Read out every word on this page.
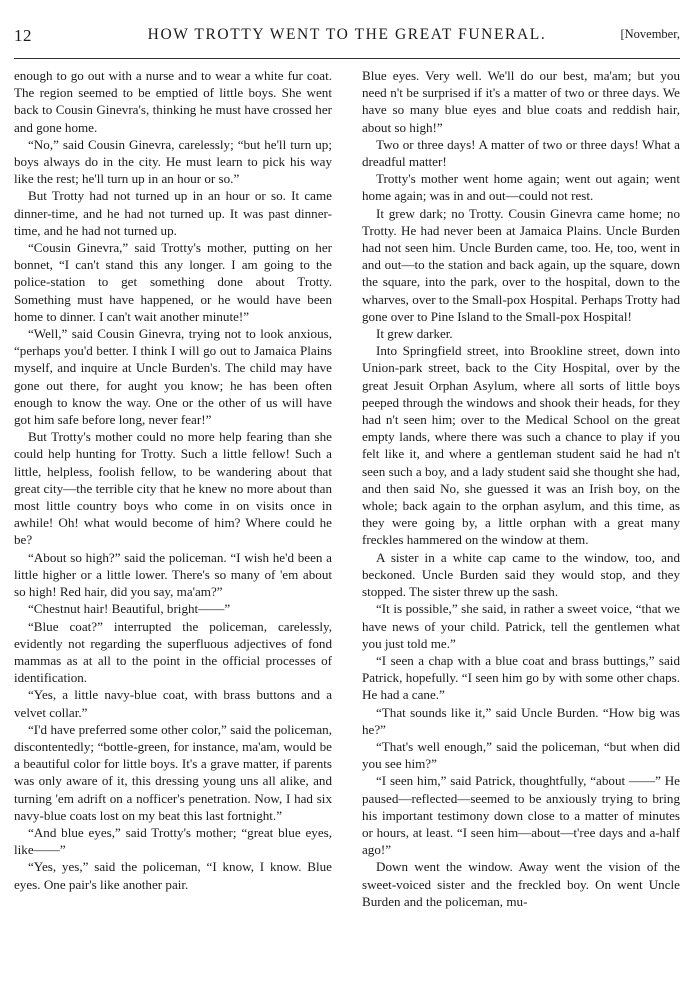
12	HOW TROTTY WENT TO THE GREAT FUNERAL.	[November,

enough to go out with a nurse and to wear a white fur coat. The region seemed to be emptied of little boys. She went back to Cousin Ginevra's, thinking he must have crossed her and gone home.

“No,” said Cousin Ginevra, carelessly; “but he'll turn up; boys always do in the city. He must learn to pick his way like the rest; he'll turn up in an hour or so.”

But Trotty had not turned up in an hour or so. It came dinner-time, and he had not turned up. It was past dinner-time, and he had not turned up.

“Cousin Ginevra,” said Trotty's mother, putting on her bonnet, “I can't stand this any longer. I am going to the police-station to get something done about Trotty. Something must have happened, or he would have been home to dinner. I can't wait another minute!”

“Well,” said Cousin Ginevra, trying not to look anxious, “perhaps you'd better. I think I will go out to Jamaica Plains myself, and inquire at Uncle Burden's. The child may have gone out there, for aught you know; he has been often enough to know the way. One or the other of us will have got him safe before long, never fear!”

But Trotty's mother could no more help fearing than she could help hunting for Trotty. Such a little fellow! Such a little, helpless, foolish fellow, to be wandering about that great city—the terrible city that he knew no more about than most little country boys who come in on visits once in awhile! Oh! what would become of him? Where could he be?

“About so high?” said the policeman. “I wish he'd been a little higher or a little lower. There's so many of 'em about so high! Red hair, did you say, ma'am?”

“Chestnut hair! Beautiful, bright——”

“Blue coat?” interrupted the policeman, carelessly, evidently not regarding the superfluous adjectives of fond mammas as at all to the point in the official processes of identification.

“Yes, a little navy-blue coat, with brass buttons and a velvet collar.”

“I'd have preferred some other color,” said the policeman, discontentedly; “bottle-green, for instance, ma'am, would be a beautiful color for little boys. It's a grave matter, if parents was only aware of it, this dressing young uns all alike, and turning 'em adrift on a nofficer's penetration. Now, I had six navy-blue coats lost on my beat this last fortnight.”

“And blue eyes,” said Trotty's mother; “great blue eyes, like——”

“Yes, yes,” said the policeman, “I know, I know. Blue eyes. One pair's like another pair.

Blue eyes. Very well. We'll do our best, ma'am; but you need n't be surprised if it's a matter of two or three days. We have so many blue eyes and blue coats and reddish hair, about so high!”

Two or three days! A matter of two or three days! What a dreadful matter!

Trotty's mother went home again; went out again; went home again; was in and out—could not rest.

It grew dark; no Trotty. Cousin Ginevra came home; no Trotty. He had never been at Jamaica Plains. Uncle Burden had not seen him. Uncle Burden came, too. He, too, went in and out—to the station and back again, up the square, down the square, into the park, over to the hospital, down to the wharves, over to the Small-pox Hospital. Perhaps Trotty had gone over to Pine Island to the Small-pox Hospital!

It grew darker.

Into Springfield street, into Brookline street, down into Union-park street, back to the City Hospital, over by the great Jesuit Orphan Asylum, where all sorts of little boys peeped through the windows and shook their heads, for they had n't seen him; over to the Medical School on the great empty lands, where there was such a chance to play if you felt like it, and where a gentleman student said he had n't seen such a boy, and a lady student said she thought she had, and then said No, she guessed it was an Irish boy, on the whole; back again to the orphan asylum, and this time, as they were going by, a little orphan with a great many freckles hammered on the window at them.

A sister in a white cap came to the window, too, and beckoned. Uncle Burden said they would stop, and they stopped. The sister threw up the sash.

“It is possible,” she said, in rather a sweet voice, “that we have news of your child. Patrick, tell the gentlemen what you just told me.”

“I seen a chap with a blue coat and brass buttings,” said Patrick, hopefully. “I seen him go by with some other chaps. He had a cane.”

“That sounds like it,” said Uncle Burden. “How big was he?”

“That's well enough,” said the policeman, “but when did you see him?”

“I seen him,” said Patrick, thoughtfully, “about ——” He paused—reflected—seemed to be anxiously trying to bring his important testimony down close to a matter of minutes or hours, at least. “I seen him—about—t'ree days and a-half ago!”

Down went the window. Away went the vision of the sweet-voiced sister and the freckled boy. On went Uncle Burden and the policeman, mu-
